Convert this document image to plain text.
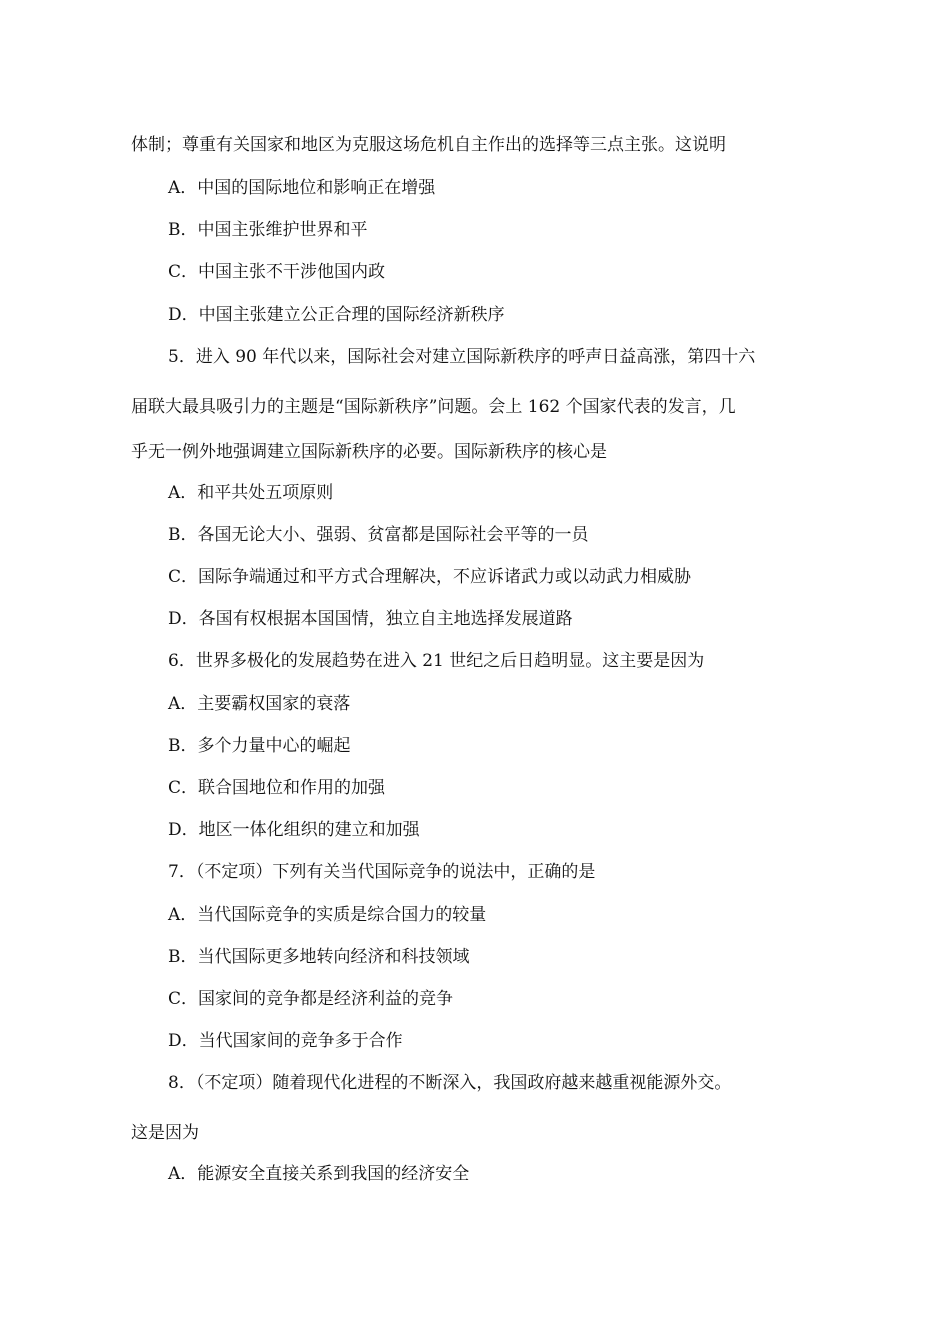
体制；尊重有关国家和地区为克服这场危机自主作出的选择等三点主张。这说明
A．中国的国际地位和影响正在增强
B．中国主张维护世界和平
C．中国主张不干涉他国内政
D．中国主张建立公正合理的国际经济新秩序
5．进入 90 年代以来，国际社会对建立国际新秩序的呼声日益高涨，第四十六
届联大最具吸引力的主题是“国际新秩序”问题。会上 162 个国家代表的发言，几
乎无一例外地强调建立国际新秩序的必要。国际新秩序的核心是
A．和平共处五项原则
B．各国无论大小、强弱、贫富都是国际社会平等的一员
C．国际争端通过和平方式合理解决，不应诉诸武力或以动武力相威胁
D．各国有权根据本国国情，独立自主地选择发展道路
6．世界多极化的发展趋势在进入 21 世纪之后日趋明显。这主要是因为
A．主要霸权国家的衰落
B．多个力量中心的崛起
C．联合国地位和作用的加强
D．地区一体化组织的建立和加强
7．（不定项）下列有关当代国际竞争的说法中，正确的是
A．当代国际竞争的实质是综合国力的较量
B．当代国际更多地转向经济和科技领域
C．国家间的竞争都是经济利益的竞争
D．当代国家间的竞争多于合作
8．（不定项）随着现代化进程的不断深入，我国政府越来越重视能源外交。
这是因为
A．能源安全直接关系到我国的经济安全
